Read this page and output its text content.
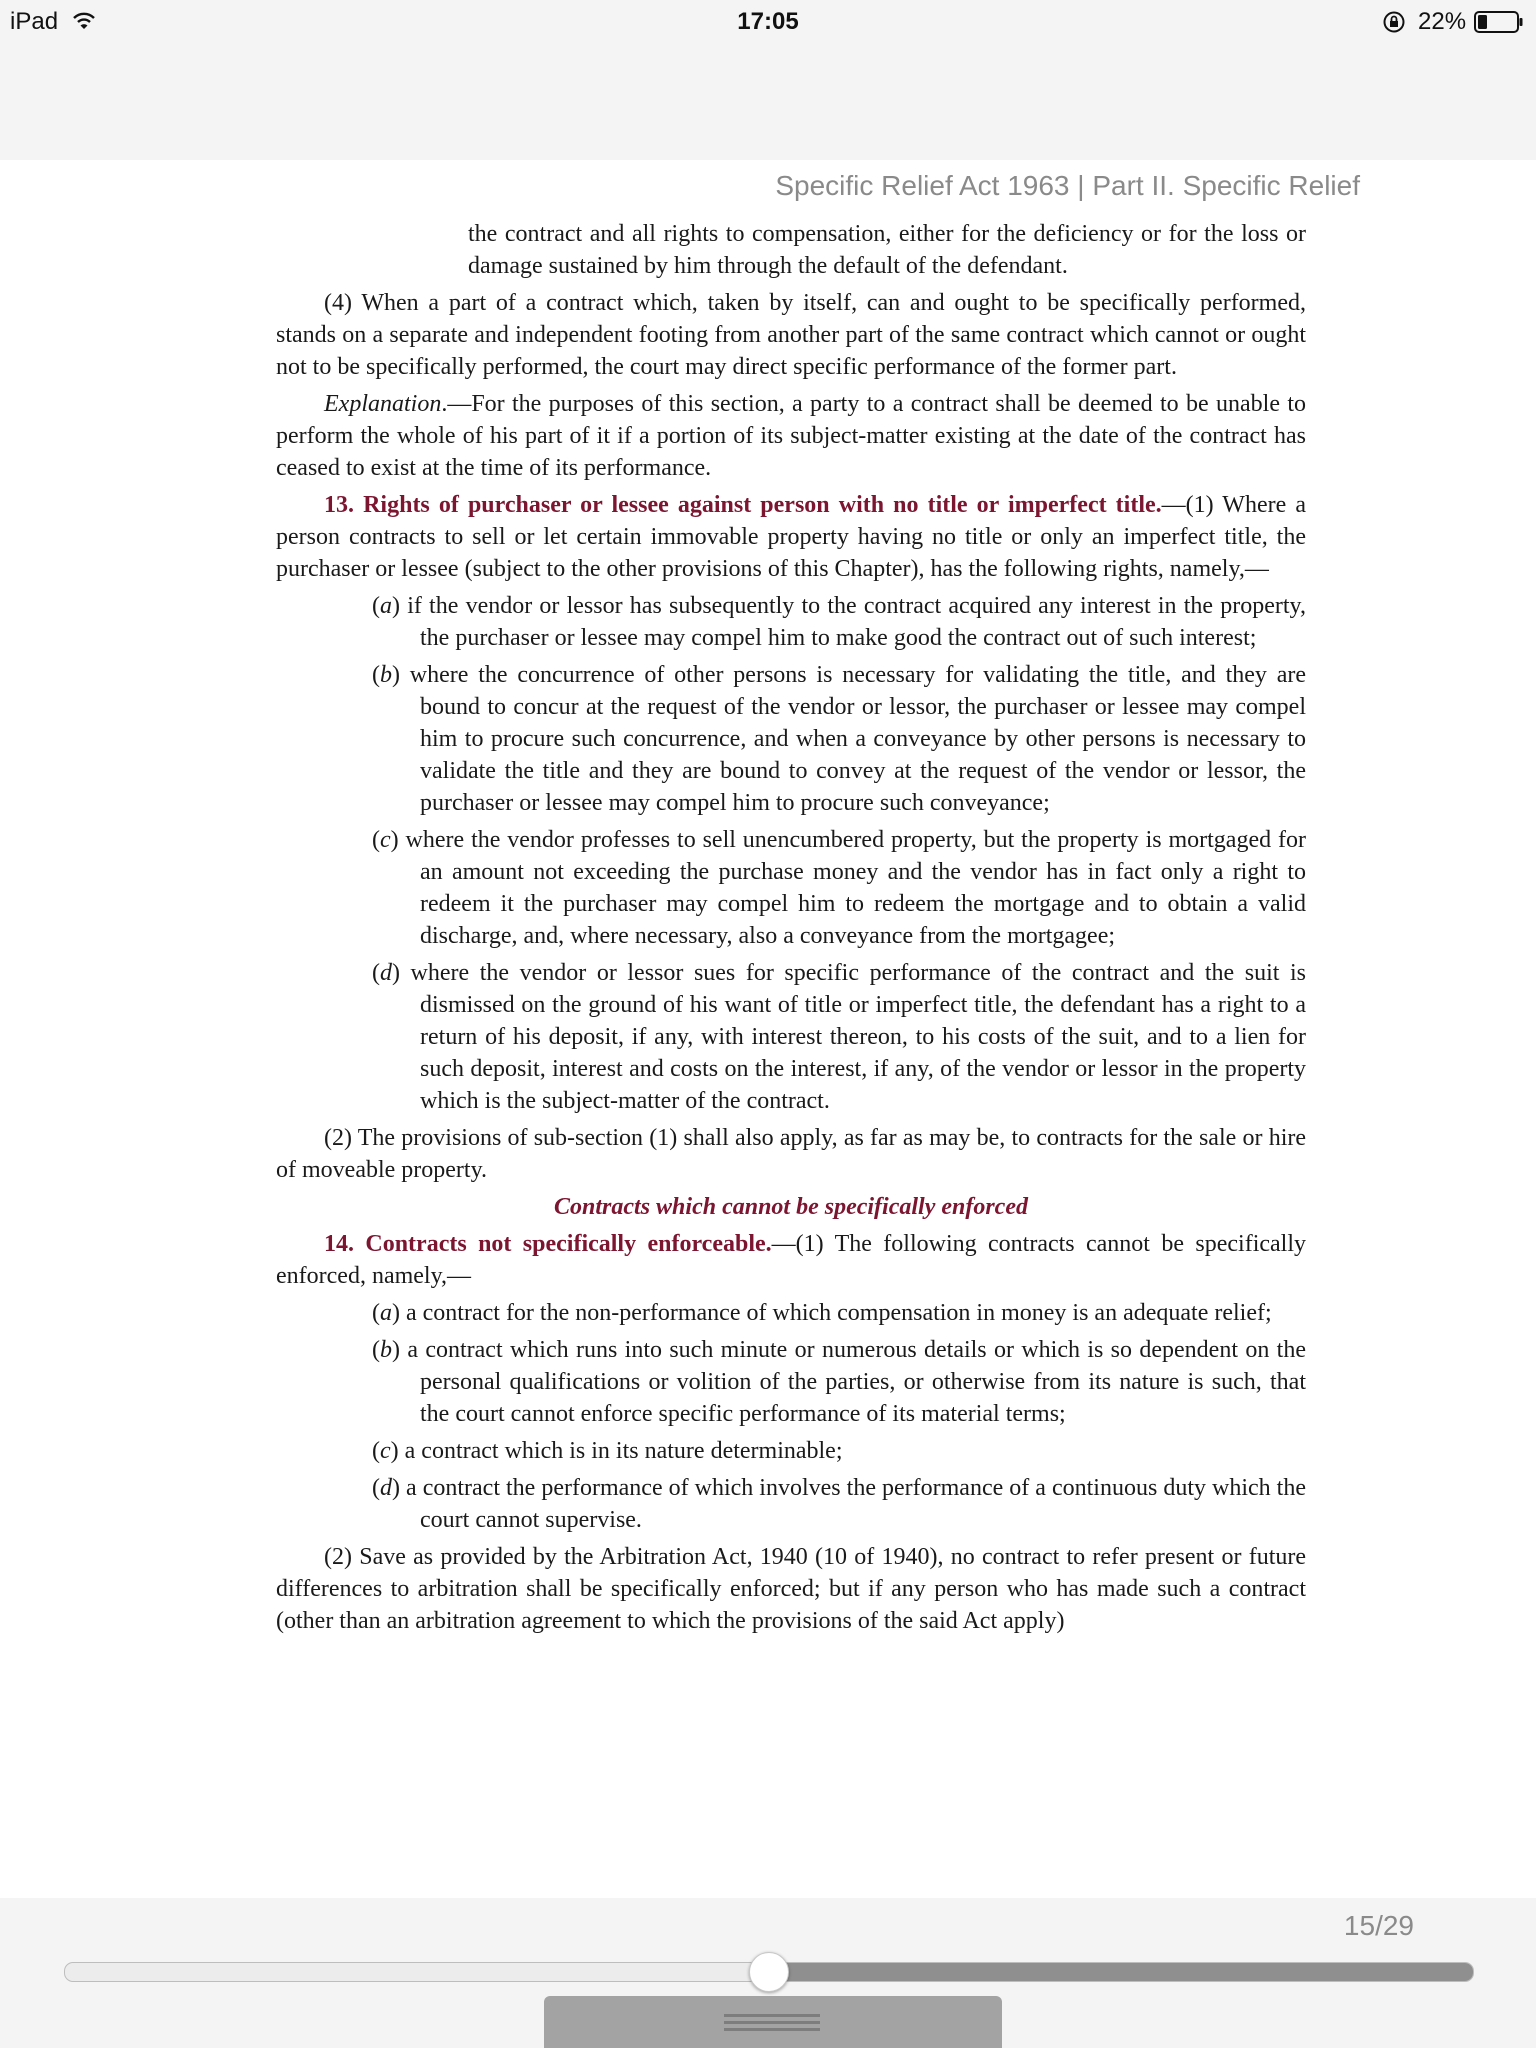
iPad	17:05	22%
Specific Relief Act 1963 | Part II. Specific Relief

the contract and all rights to compensation, either for the deficiency or for the loss or damage sustained by him through the default of the defendant.

(4) When a part of a contract which, taken by itself, can and ought to be specifically performed, stands on a separate and independent footing from another part of the same contract which cannot or ought not to be specifically performed, the court may direct specific performance of the former part.

Explanation.—For the purposes of this section, a party to a contract shall be deemed to be unable to perform the whole of his part of it if a portion of its subject-matter existing at the date of the contract has ceased to exist at the time of its performance.

13. Rights of purchaser or lessee against person with no title or imperfect title.—(1) Where a person contracts to sell or let certain immovable property having no title or only an imperfect title, the purchaser or lessee (subject to the other provisions of this Chapter), has the following rights, namely,—

(a) if the vendor or lessor has subsequently to the contract acquired any interest in the property, the purchaser or lessee may compel him to make good the contract out of such interest;

(b) where the concurrence of other persons is necessary for validating the title, and they are bound to concur at the request of the vendor or lessor, the purchaser or lessee may compel him to procure such concurrence, and when a conveyance by other persons is necessary to validate the title and they are bound to convey at the request of the vendor or lessor, the purchaser or lessee may compel him to procure such conveyance;

(c) where the vendor professes to sell unencumbered property, but the property is mortgaged for an amount not exceeding the purchase money and the vendor has in fact only a right to redeem it the purchaser may compel him to redeem the mortgage and to obtain a valid discharge, and, where necessary, also a conveyance from the mortgagee;

(d) where the vendor or lessor sues for specific performance of the contract and the suit is dismissed on the ground of his want of title or imperfect title, the defendant has a right to a return of his deposit, if any, with interest thereon, to his costs of the suit, and to a lien for such deposit, interest and costs on the interest, if any, of the vendor or lessor in the property which is the subject-matter of the contract.

(2) The provisions of sub-section (1) shall also apply, as far as may be, to contracts for the sale or hire of moveable property.

Contracts which cannot be specifically enforced

14. Contracts not specifically enforceable.—(1) The following contracts cannot be specifically enforced, namely,—

(a) a contract for the non-performance of which compensation in money is an adequate relief;

(b) a contract which runs into such minute or numerous details or which is so dependent on the personal qualifications or volition of the parties, or otherwise from its nature is such, that the court cannot enforce specific performance of its material terms;

(c) a contract which is in its nature determinable;

(d) a contract the performance of which involves the performance of a continuous duty which the court cannot supervise.

(2) Save as provided by the Arbitration Act, 1940 (10 of 1940), no contract to refer present or future differences to arbitration shall be specifically enforced; but if any person who has made such a contract (other than an arbitration agreement to which the provisions of the said Act apply)

15/29
